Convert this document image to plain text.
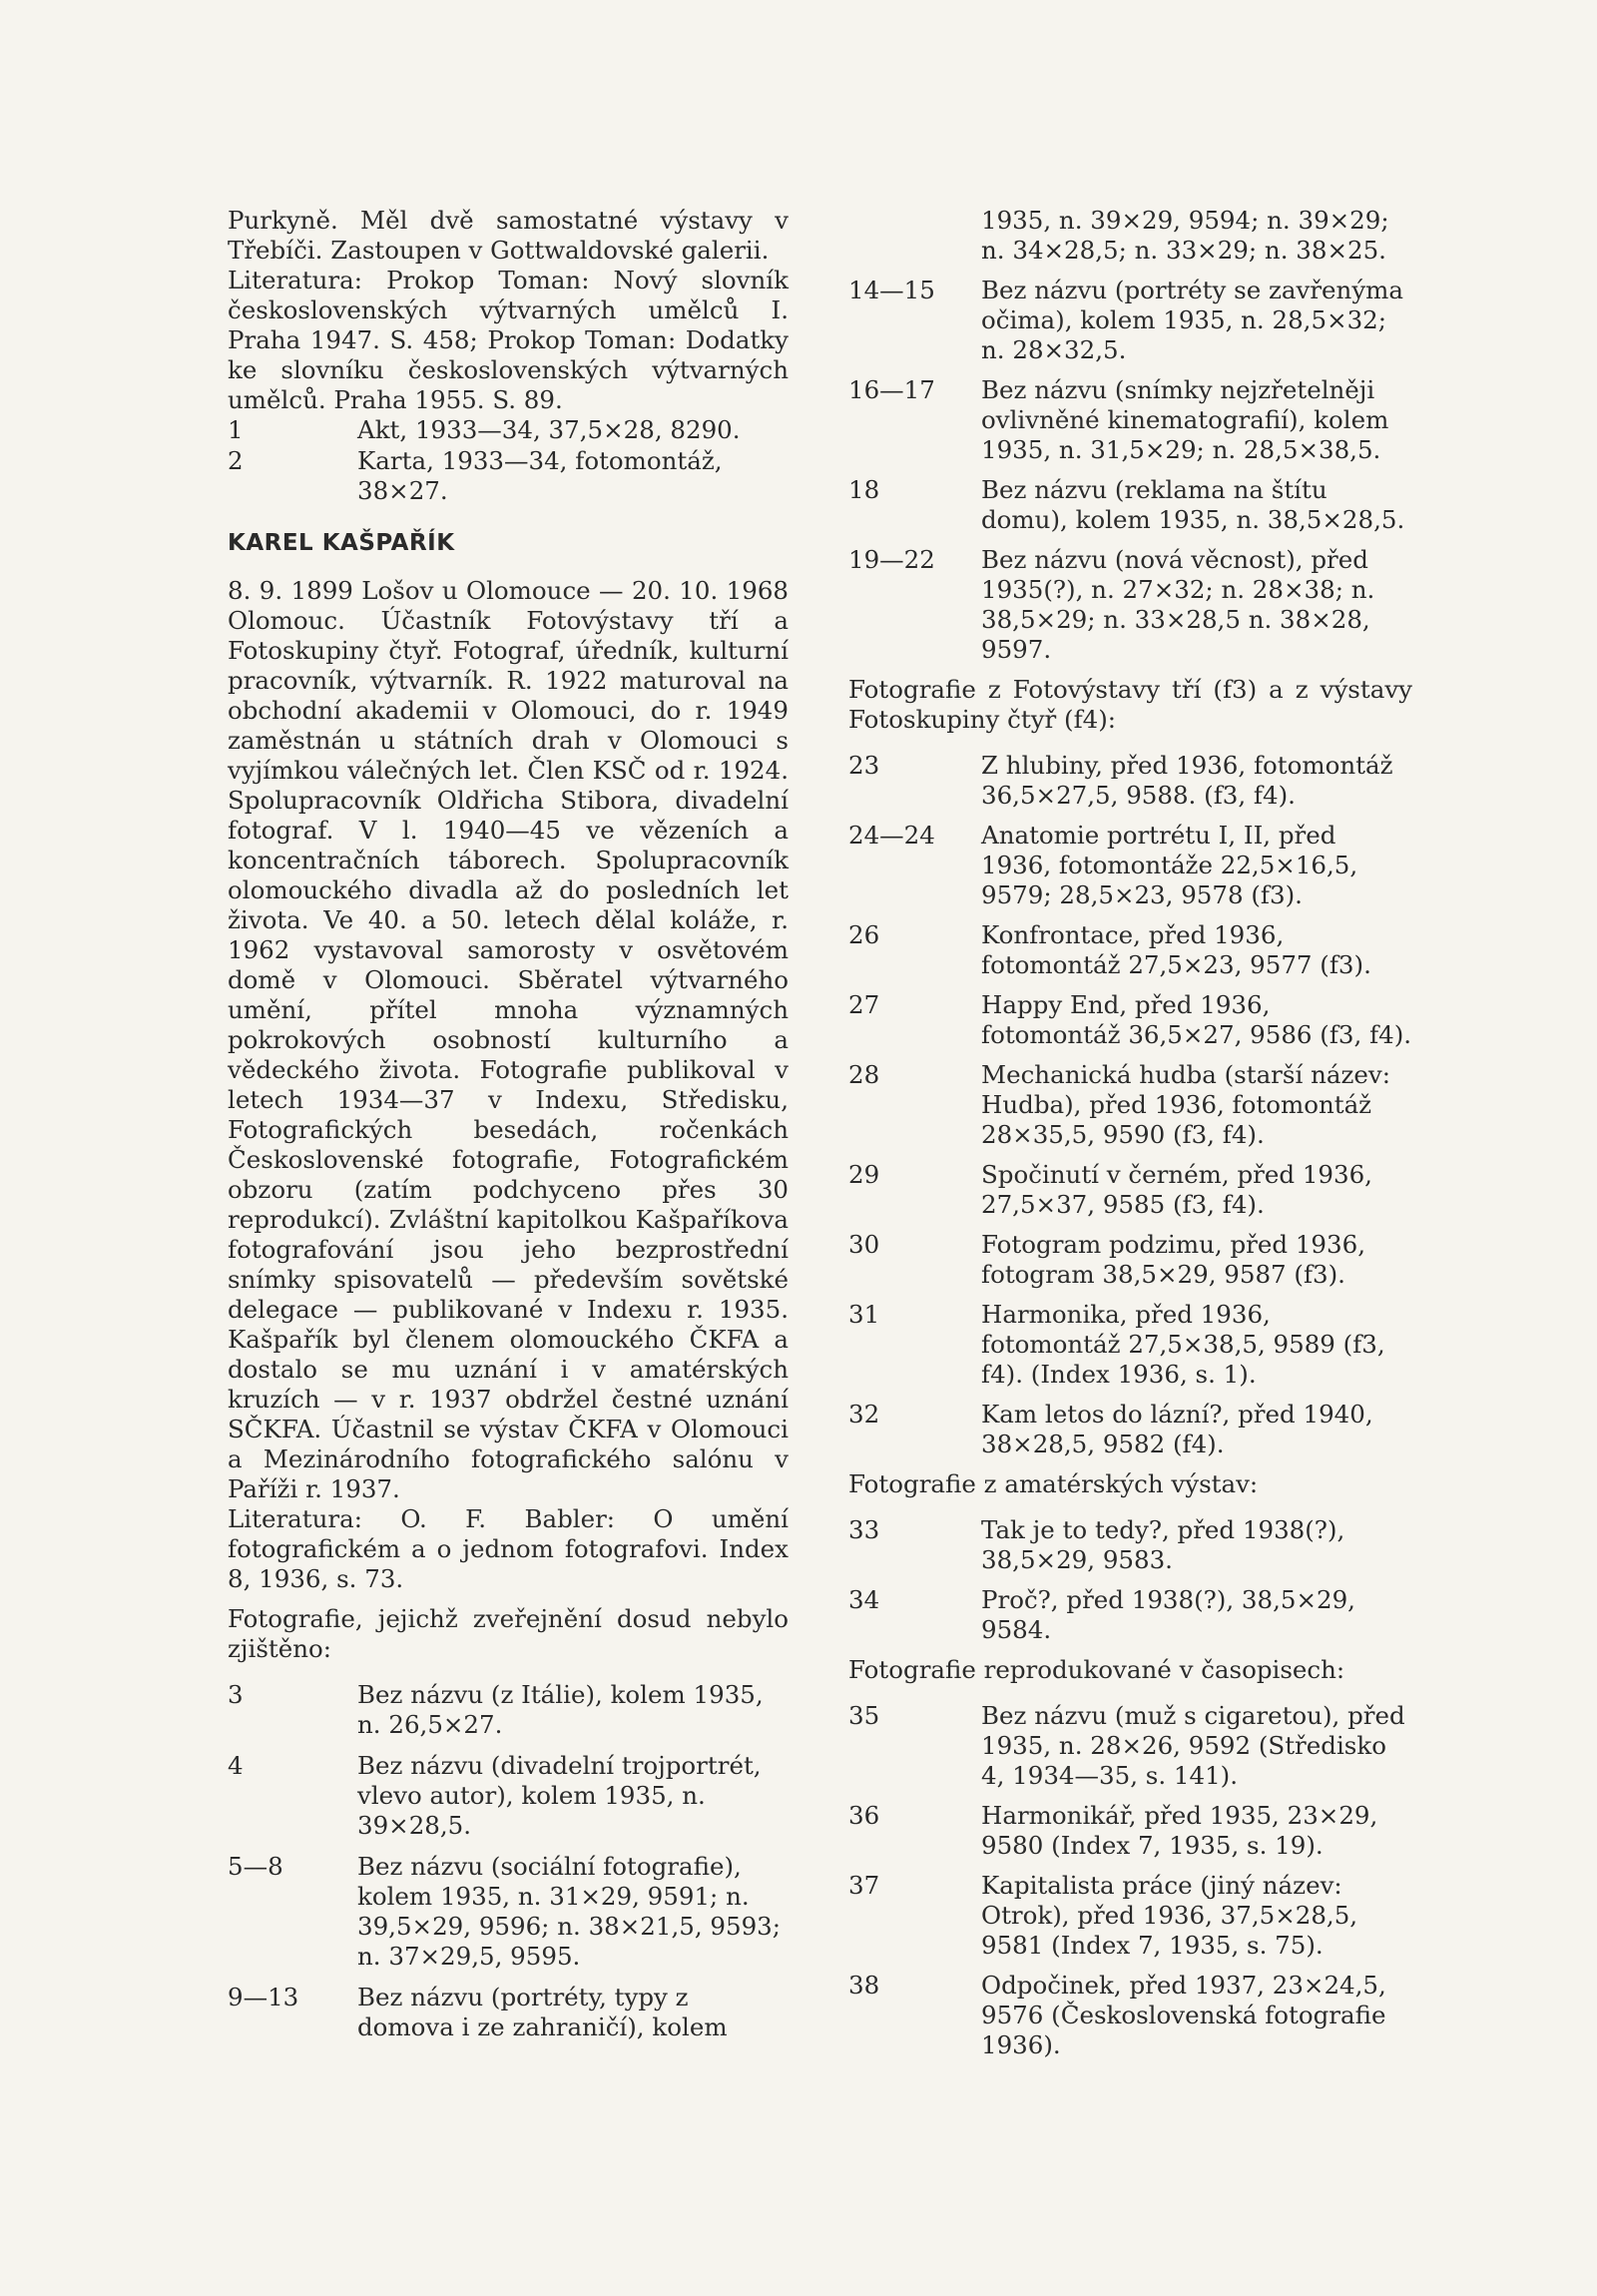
Purkyně. Měl dvě samostatné výstavy v Třebíči. Zastoupen v Gottwaldovské galerii.

Literatura: Prokop Toman: Nový slovník československých výtvarných umělců I. Praha 1947. S. 458; Prokop Toman: Dodatky ke slovníku československých výtvarných umělců. Praha 1955. S. 89.

1	Akt, 1933—34, 37,5×28, 8290.
2	Karta, 1933—34, fotomontáž, 38×27.
KAREL KAŠPAŘÍK

8. 9. 1899 Lošov u Olomouce — 20. 10. 1968 Olomouc. Účastník Fotovýstavy tří a Fotoskupiny čtyř. Fotograf, úředník, kulturní pracovník, výtvarník. R. 1922 maturoval na obchodní akademii v Olomouci, do r. 1949 zaměstnán u státních drah v Olomouci s vyjímkou válečných let. Člen KSČ od r. 1924. Spolupracovník Oldřicha Stibora, divadelní fotograf. V l. 1940—45 ve vězeních a koncentračních táborech. Spolupracovník olomouckého divadla až do posledních let života. Ve 40. a 50. letech dělal koláže, r. 1962 vystavoval samorosty v osvětovém domě v Olomouci. Sběratel výtvarného umění, přítel mnoha významných pokrokových osobností kulturního a vědeckého života. Fotografie publikoval v letech 1934—37 v Indexu, Středisku, Fotografických besedách, ročenkách Československé fotografie, Fotografickém obzoru (zatím podchyceno přes 30 reprodukcí). Zvláštní kapitolkou Kašpaříkova fotografování jsou jeho bezprostřední snímky spisovatelů — především sovětské delegace — publikované v Indexu r. 1935. Kašpařík byl členem olomouckého ČKFA a dostalo se mu uznání i v amatérských kruzích — v r. 1937 obdržel čestné uznání SČKFA. Účastnil se výstav ČKFA v Olomouci a Mezinárodního fotografického salónu v Paříži r. 1937.

Literatura: O. F. Babler: O umění fotografickém a o jednom fotografovi. Index 8, 1936, s. 73.

Fotografie, jejichž zveřejnění dosud nebylo zjištěno:

3	Bez názvu (z Itálie), kolem 1935, n. 26,5×27.
4	Bez názvu (divadelní trojportrét, vlevo autor), kolem 1935, n. 39×28,5.
5—8	Bez názvu (sociální fotografie), kolem 1935, n. 31×29, 9591; n. 39,5×29, 9596; n. 38×21,5, 9593; n. 37×29,5, 9595.
9—13	Bez názvu (portréty, typy z domova i ze zahraničí), kolem
1935, n. 39×29, 9594; n. 39×29; n. 34×28,5; n. 33×29; n. 38×25.
14—15	Bez názvu (portréty se zavřenýma očima), kolem 1935, n. 28,5×32; n. 28×32,5.
16—17	Bez názvu (snímky nejzřetelněji ovlivněné kinematografií), kolem 1935, n. 31,5×29; n. 28,5×38,5.
18	Bez názvu (reklama na štítu domu), kolem 1935, n. 38,5×28,5.
19—22	Bez názvu (nová věcnost), před 1935(?), n. 27×32; n. 28×38; n. 38,5×29; n. 33×28,5 n. 38×28, 9597.

Fotografie z Fotovýstavy tří (f3) a z výstavy Fotoskupiny čtyř (f4):

23	Z hlubiny, před 1936, fotomontáž 36,5×27,5, 9588. (f3, f4).
24—24	Anatomie portrétu I, II, před 1936, fotomontáže 22,5×16,5, 9579; 28,5×23, 9578 (f3).
26	Konfrontace, před 1936, fotomontáž 27,5×23, 9577 (f3).
27	Happy End, před 1936, fotomontáž 36,5×27, 9586 (f3, f4).
28	Mechanická hudba (starší název: Hudba), před 1936, fotomontáž 28×35,5, 9590 (f3, f4).
29	Spočinutí v černém, před 1936, 27,5×37, 9585 (f3, f4).
30	Fotogram podzimu, před 1936, fotogram 38,5×29, 9587 (f3).
31	Harmonika, před 1936, fotomontáž 27,5×38,5, 9589 (f3, f4). (Index 1936, s. 1).
32	Kam letos do lázní?, před 1940, 38×28,5, 9582 (f4).

Fotografie z amatérských výstav:

33	Tak je to tedy?, před 1938(?), 38,5×29, 9583.
34	Proč?, před 1938(?), 38,5×29, 9584.

Fotografie reprodukované v časopisech:

35	Bez názvu (muž s cigaretou), před 1935, n. 28×26, 9592 (Středisko 4, 1934—35, s. 141).
36	Harmonikář, před 1935, 23×29, 9580 (Index 7, 1935, s. 19).
37	Kapitalista práce (jiný název: Otrok), před 1936, 37,5×28,5, 9581 (Index 7, 1935, s. 75).
38	Odpočinek, před 1937, 23×24,5, 9576 (Československá fotografie 1936).
